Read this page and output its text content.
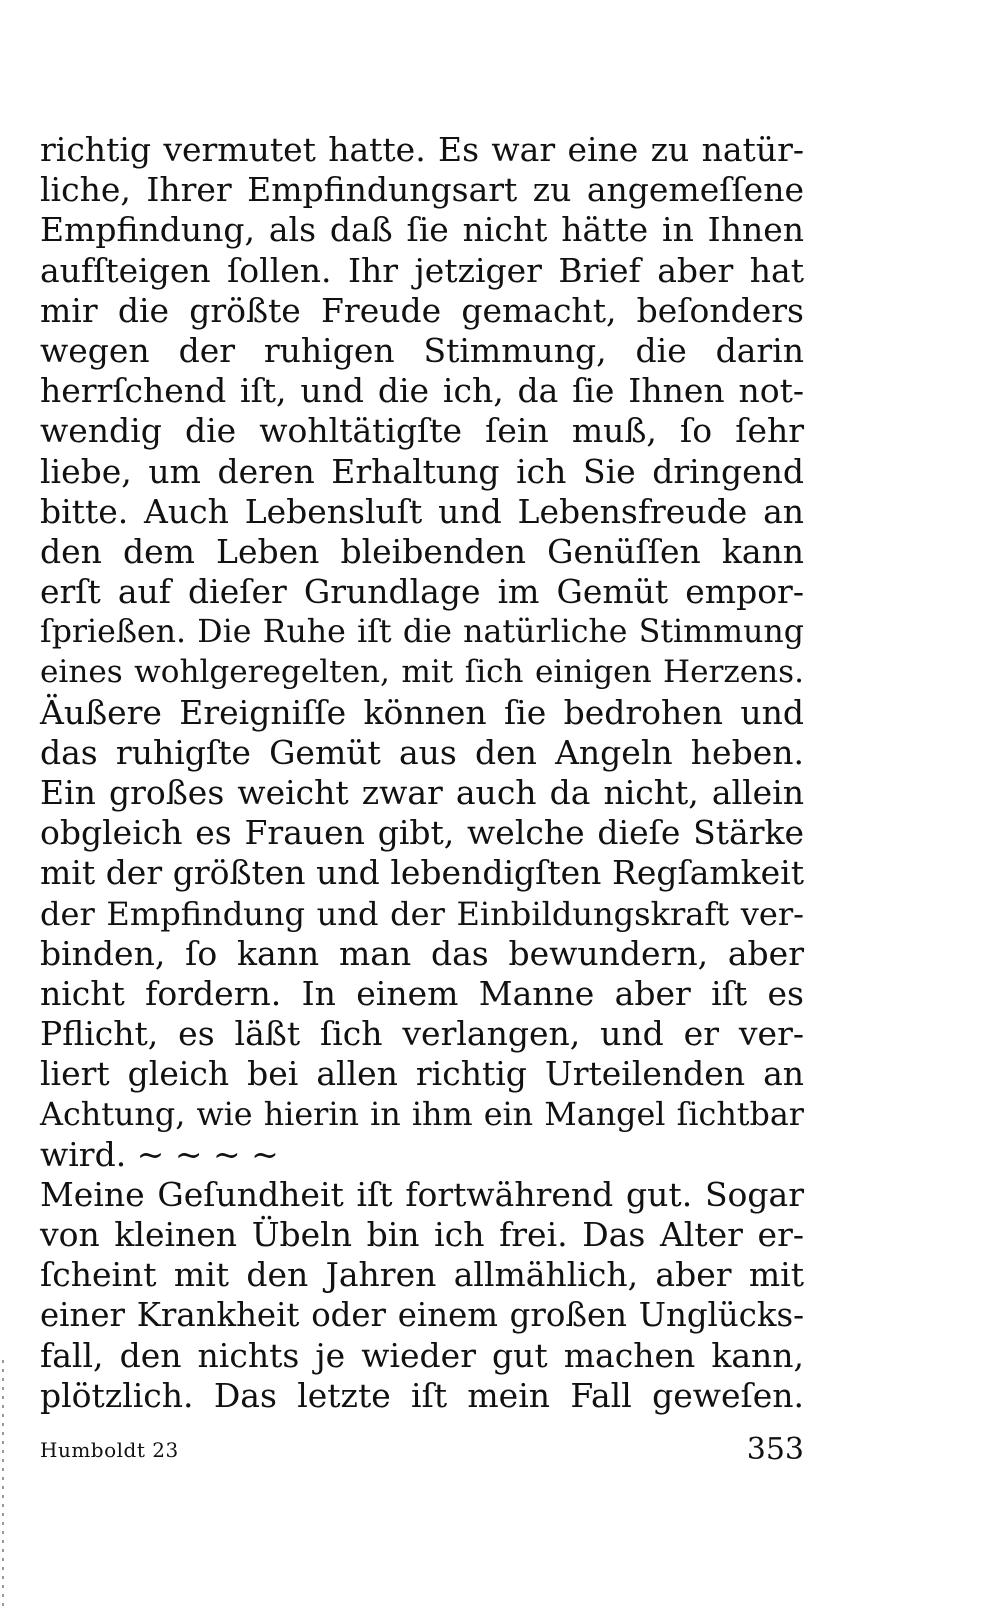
richtig vermutet hatte. Es war eine zu natür-
liche, Ihrer Empfindungsart zu angemeſſene
Empfindung, als daß ſie nicht hätte in Ihnen
aufſteigen ſollen. Ihr jetziger Brief aber hat
mir die größte Freude gemacht, beſonders
wegen der ruhigen Stimmung, die darin
herrſchend iſt, und die ich, da ſie Ihnen not-
wendig die wohltätigſte ſein muß, ſo ſehr
liebe, um deren Erhaltung ich Sie dringend
bitte. Auch Lebensluſt und Lebensfreude an
den dem Leben bleibenden Genüſſen kann
erſt auf dieſer Grundlage im Gemüt empor-
ſprießen. Die Ruhe iſt die natürliche Stimmung
eines wohlgeregelten, mit ſich einigen Herzens.
Äußere Ereigniſſe können ſie bedrohen und
das ruhigſte Gemüt aus den Angeln heben.
Ein großes weicht zwar auch da nicht, allein
obgleich es Frauen gibt, welche dieſe Stärke
mit der größten und lebendigſten Regſamkeit
der Empfindung und der Einbildungskraft ver-
binden, ſo kann man das bewundern, aber
nicht fordern. In einem Manne aber iſt es
Pflicht, es läßt ſich verlangen, und er ver-
liert gleich bei allen richtig Urteilenden an
Achtung, wie hierin in ihm ein Mangel ſichtbar
wird. ~ ~ ~ ~
Meine Geſundheit iſt fortwährend gut. Sogar
von kleinen Übeln bin ich frei. Das Alter er-
ſcheint mit den Jahren allmählich, aber mit
einer Krankheit oder einem großen Unglücks-
fall, den nichts je wieder gut machen kann,
plötzlich. Das letzte iſt mein Fall geweſen.
Humboldt 23	353
